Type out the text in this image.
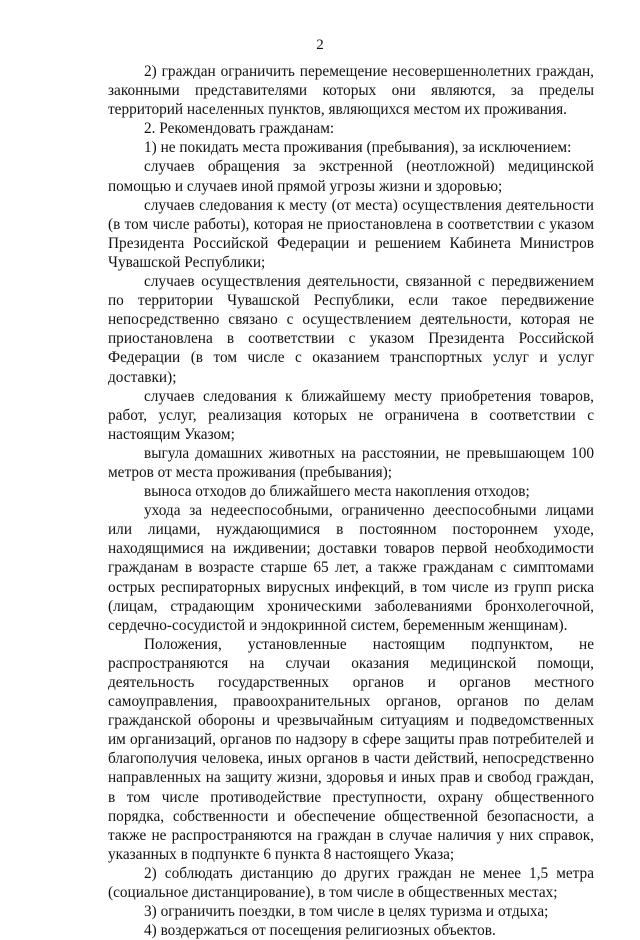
2

2) граждан ограничить перемещение несовершеннолетних граждан, законными представителями которых они являются, за пределы территорий населенных пунктов, являющихся местом их проживания.

2. Рекомендовать гражданам:

1) не покидать места проживания (пребывания), за исключением:

случаев обращения за экстренной (неотложной) медицинской помощью и случаев иной прямой угрозы жизни и здоровью;

случаев следования к месту (от места) осуществления деятельности (в том числе работы), которая не приостановлена в соответствии с указом Президента Российской Федерации и решением Кабинета Министров Чувашской Республики;

случаев осуществления деятельности, связанной с передвижением по территории Чувашской Республики, если такое передвижение непосредственно связано с осуществлением деятельности, которая не приостановлена в соответствии с указом Президента Российской Федерации (в том числе с оказанием транспортных услуг и услуг доставки);

случаев следования к ближайшему месту приобретения товаров, работ, услуг, реализация которых не ограничена в соответствии с настоящим Указом;

выгула домашних животных на расстоянии, не превышающем 100 метров от места проживания (пребывания);

выноса отходов до ближайшего места накопления отходов;

ухода за недееспособными, ограниченно дееспособными лицами или лицами, нуждающимися в постоянном постороннем уходе, находящимися на иждивении; доставки товаров первой необходимости гражданам в возрасте старше 65 лет, а также гражданам с симптомами острых респираторных вирусных инфекций, в том числе из групп риска (лицам, страдающим хроническими заболеваниями бронхолегочной, сердечно-сосудистой и эндокринной систем, беременным женщинам).

Положения, установленные настоящим подпунктом, не распространяются на случаи оказания медицинской помощи, деятельность государственных органов и органов местного самоуправления, правоохранительных органов, органов по делам гражданской обороны и чрезвычайным ситуациям и подведомственных им организаций, органов по надзору в сфере защиты прав потребителей и благополучия человека, иных органов в части действий, непосредственно направленных на защиту жизни, здоровья и иных прав и свобод граждан, в том числе противодействие преступности, охрану общественного порядка, собственности и обеспечение общественной безопасности, а также не распространяются на граждан в случае наличия у них справок, указанных в подпункте 6 пункта 8 настоящего Указа;

2) соблюдать дистанцию до других граждан не менее 1,5 метра (социальное дистанцирование), в том числе в общественных местах;

3) ограничить поездки, в том числе в целях туризма и отдыха;

4) воздержаться от посещения религиозных объектов.
